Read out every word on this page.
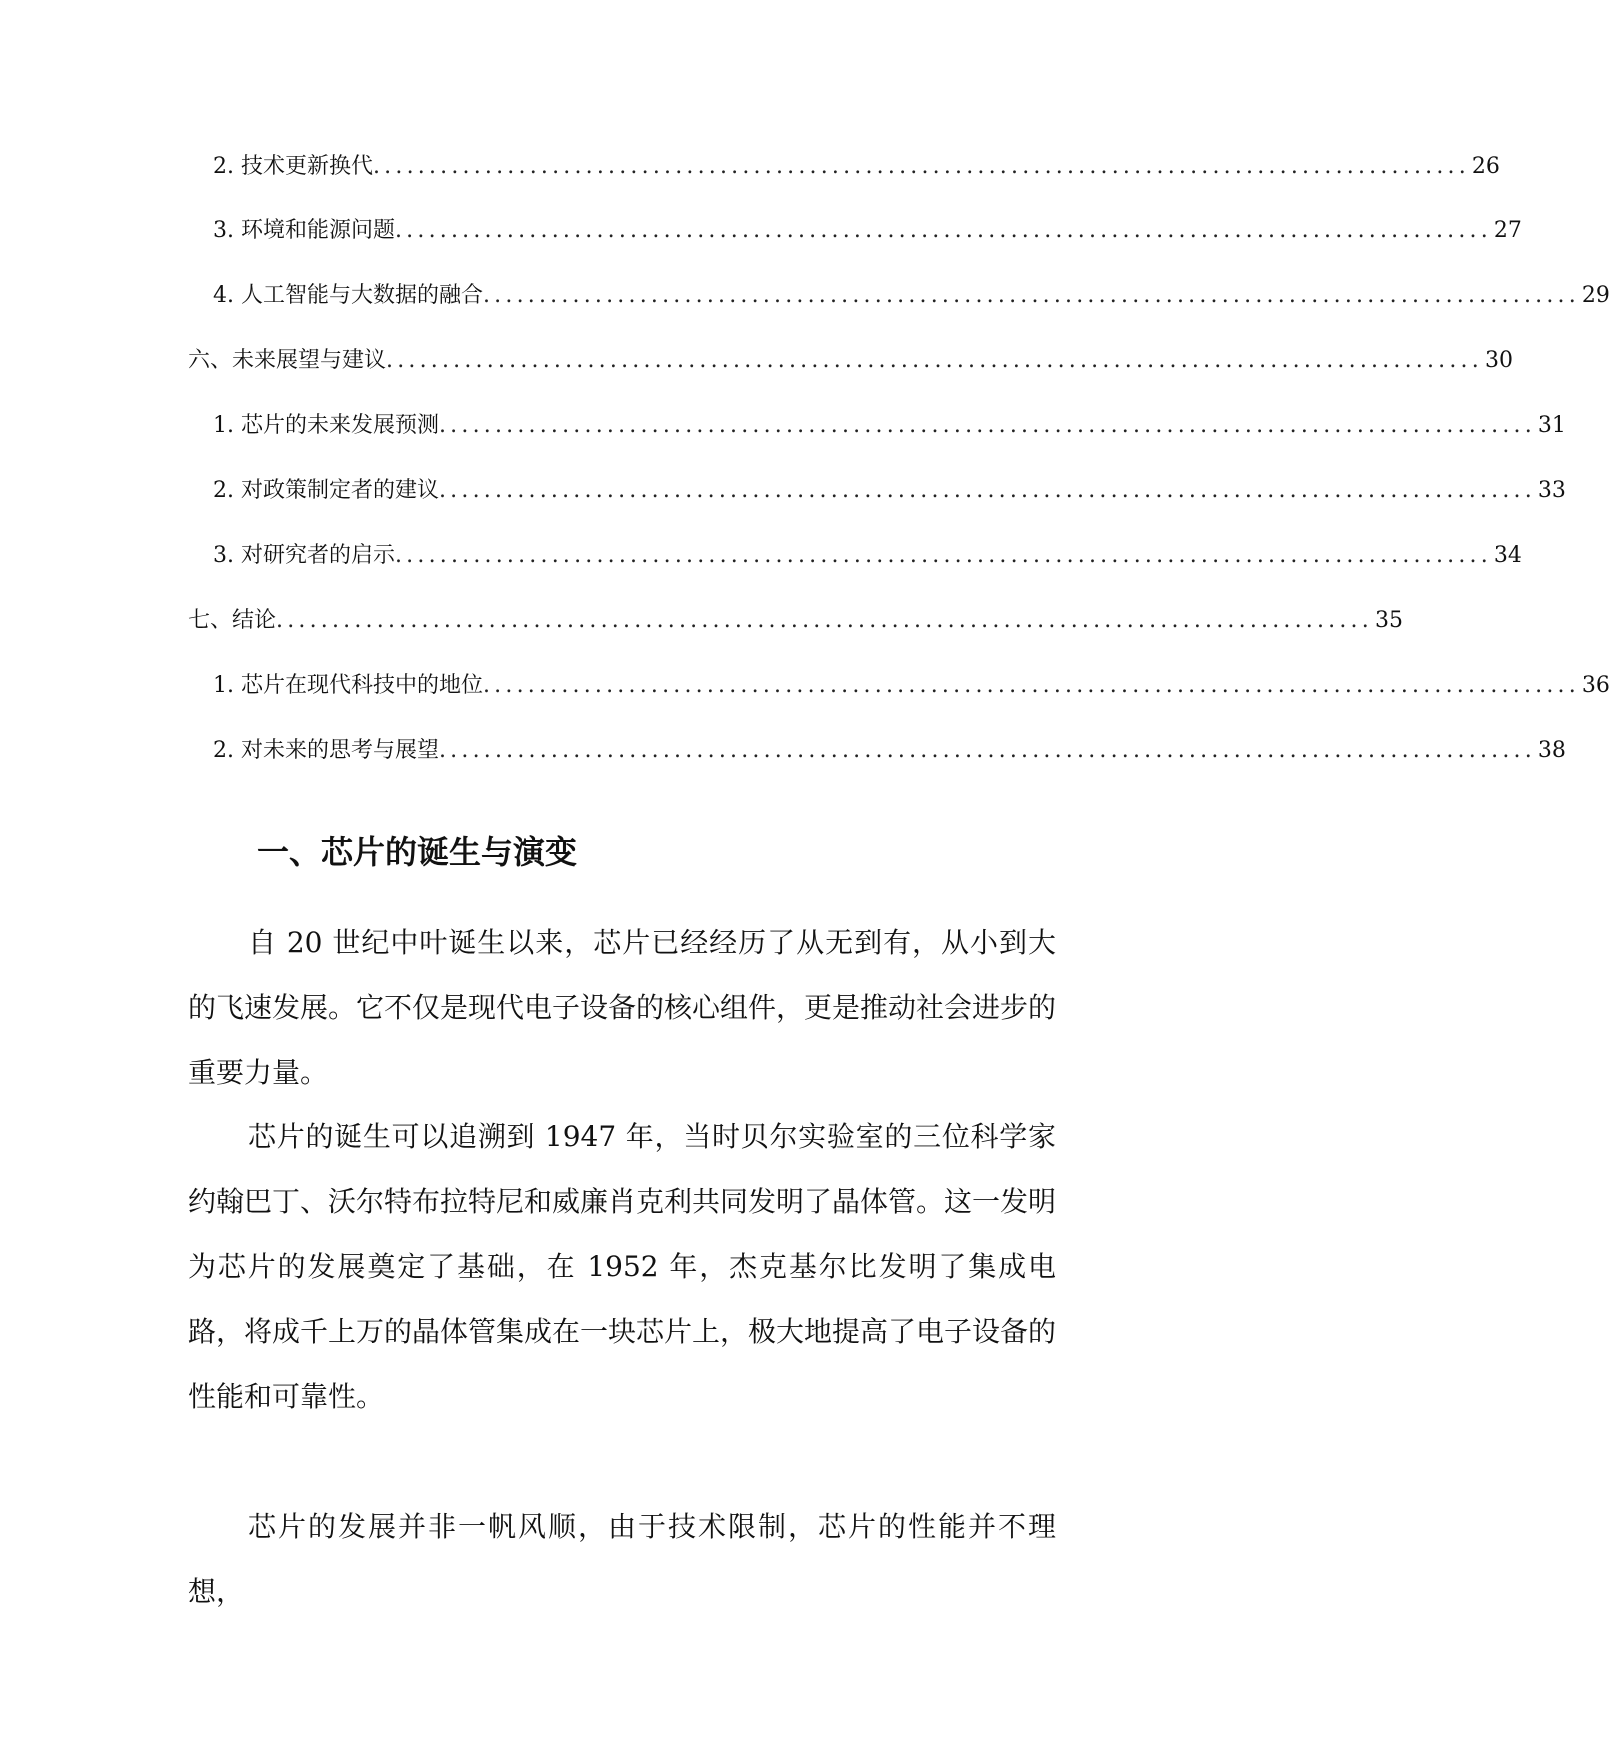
2. 技术更新换代 .................................................................................................. 26
3. 环境和能源问题 .................................................................................................. 27
4. 人工智能与大数据的融合 .................................................................................................. 29
六、未来展望与建议 .................................................................................................. 30
1. 芯片的未来发展预测 .................................................................................................. 31
2. 对政策制定者的建议 .................................................................................................. 33
3. 对研究者的启示 .................................................................................................. 34
七、结论 .................................................................................................. 35
1. 芯片在现代科技中的地位 .................................................................................................. 36
2. 对未来的思考与展望 .................................................................................................. 38
一、芯片的诞生与演变

自 20 世纪中叶诞生以来，芯片已经经历了从无到有，从小到大的飞速发展。它不仅是现代电子设备的核心组件，更是推动社会进步的重要力量。

芯片的诞生可以追溯到 1947 年，当时贝尔实验室的三位科学家约翰巴丁、沃尔特布拉特尼和威廉肖克利共同发明了晶体管。这一发明为芯片的发展奠定了基础，在 1952 年，杰克基尔比发明了集成电路，将成千上万的晶体管集成在一块芯片上，极大地提高了电子设备的性能和可靠性。

芯片的发展并非一帆风顺，由于技术限制，芯片的性能并不理想，
